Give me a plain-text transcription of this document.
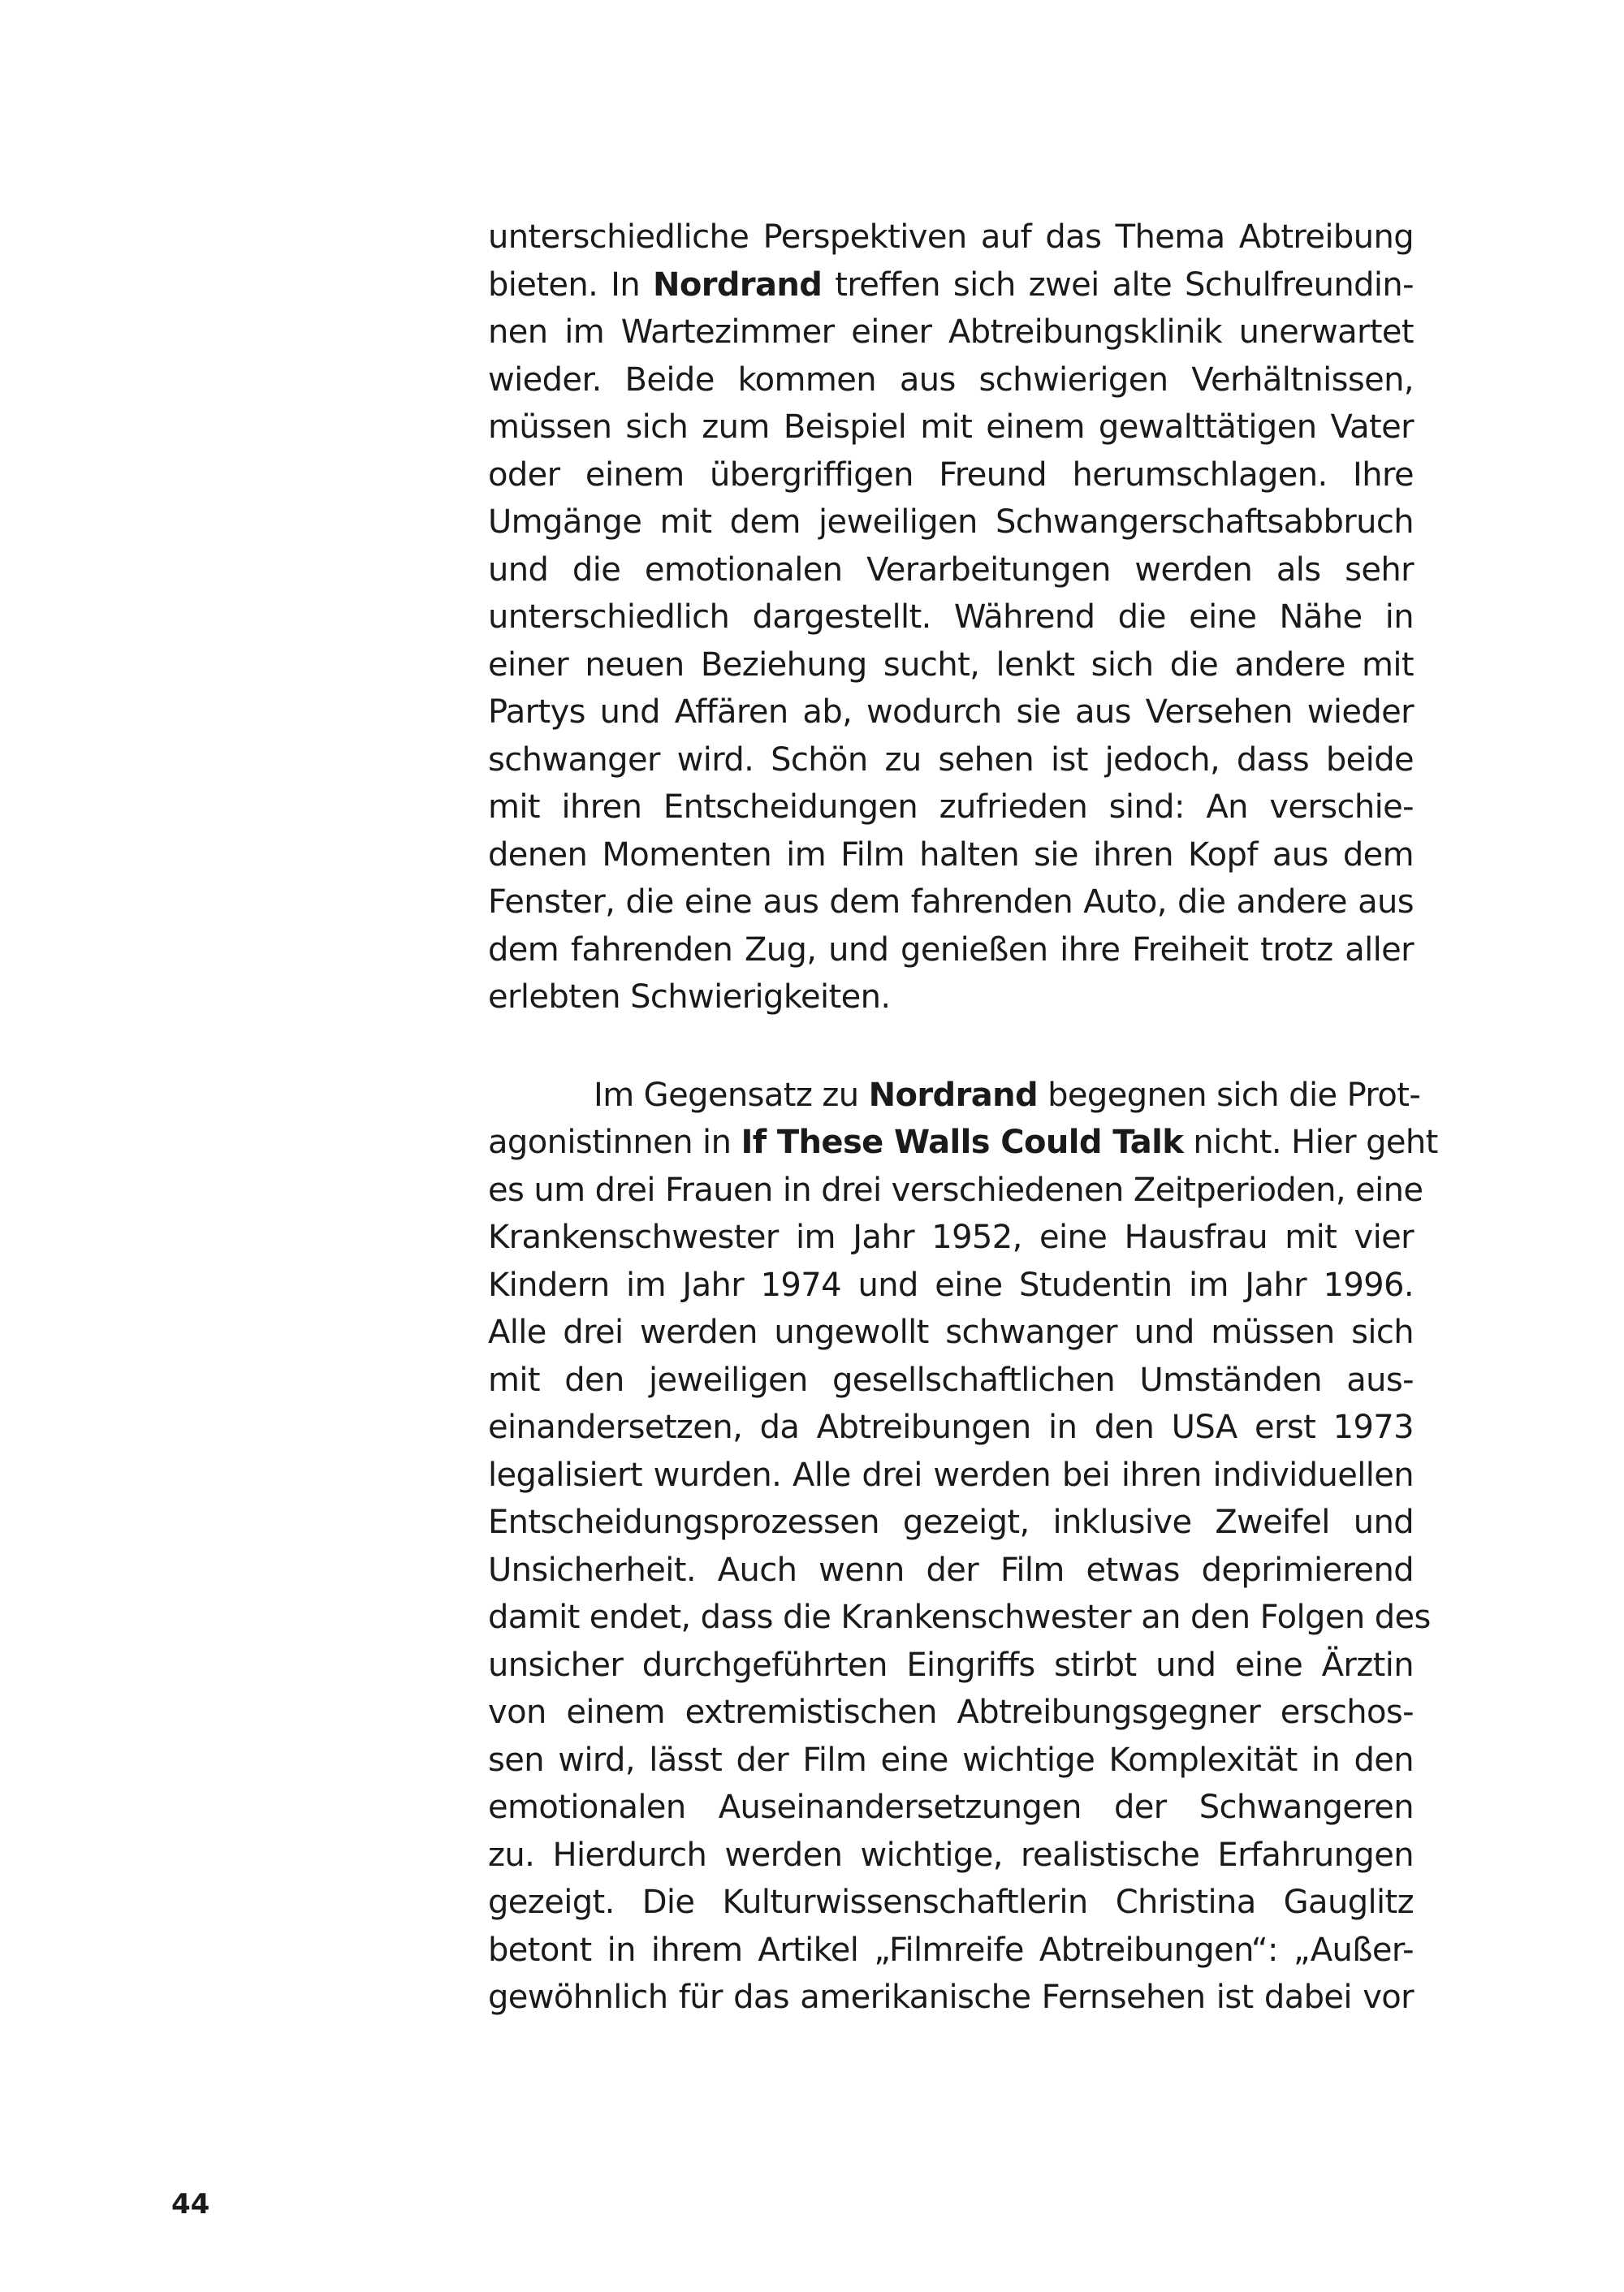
unterschiedliche Perspektiven auf das Thema Abtreibung
bieten. In Nordrand treffen sich zwei alte Schulfreundin-
nen im Wartezimmer einer Abtreibungsklinik unerwartet
wieder. Beide kommen aus schwierigen Verhältnissen,
müssen sich zum Beispiel mit einem gewalttätigen Vater
oder einem übergriffigen Freund herumschlagen. Ihre
Umgänge mit dem jeweiligen Schwangerschaftsabbruch
und die emotionalen Verarbeitungen werden als sehr
unterschiedlich dargestellt. Während die eine Nähe in
einer neuen Beziehung sucht, lenkt sich die andere mit
Partys und Affären ab, wodurch sie aus Versehen wieder
schwanger wird. Schön zu sehen ist jedoch, dass beide
mit ihren Entscheidungen zufrieden sind: An verschie-
denen Momenten im Film halten sie ihren Kopf aus dem
Fenster, die eine aus dem fahrenden Auto, die andere aus
dem fahrenden Zug, und genießen ihre Freiheit trotz aller
erlebten Schwierigkeiten.
Im Gegensatz zu Nordrand begegnen sich die Prot-
agonistinnen in If These Walls Could Talk nicht. Hier geht
es um drei Frauen in drei verschiedenen Zeitperioden, eine
Krankenschwester im Jahr 1952, eine Hausfrau mit vier
Kindern im Jahr 1974 und eine Studentin im Jahr 1996.
Alle drei werden ungewollt schwanger und müssen sich
mit den jeweiligen gesellschaftlichen Umständen aus-
einandersetzen, da Abtreibungen in den USA erst 1973
legalisiert wurden. Alle drei werden bei ihren individuellen
Entscheidungsprozessen gezeigt, inklusive Zweifel und
Unsicherheit. Auch wenn der Film etwas deprimierend
damit endet, dass die Krankenschwester an den Folgen des
unsicher durchgeführten Eingriffs stirbt und eine Ärztin
von einem extremistischen Abtreibungsgegner erschos-
sen wird, lässt der Film eine wichtige Komplexität in den
emotionalen Auseinandersetzungen der Schwangeren
zu. Hierdurch werden wichtige, realistische Erfahrungen
gezeigt. Die Kulturwissenschaftlerin Christina Gauglitz
betont in ihrem Artikel „Filmreife Abtreibungen“: „Außer-
gewöhnlich für das amerikanische Fernsehen ist dabei vor
44
